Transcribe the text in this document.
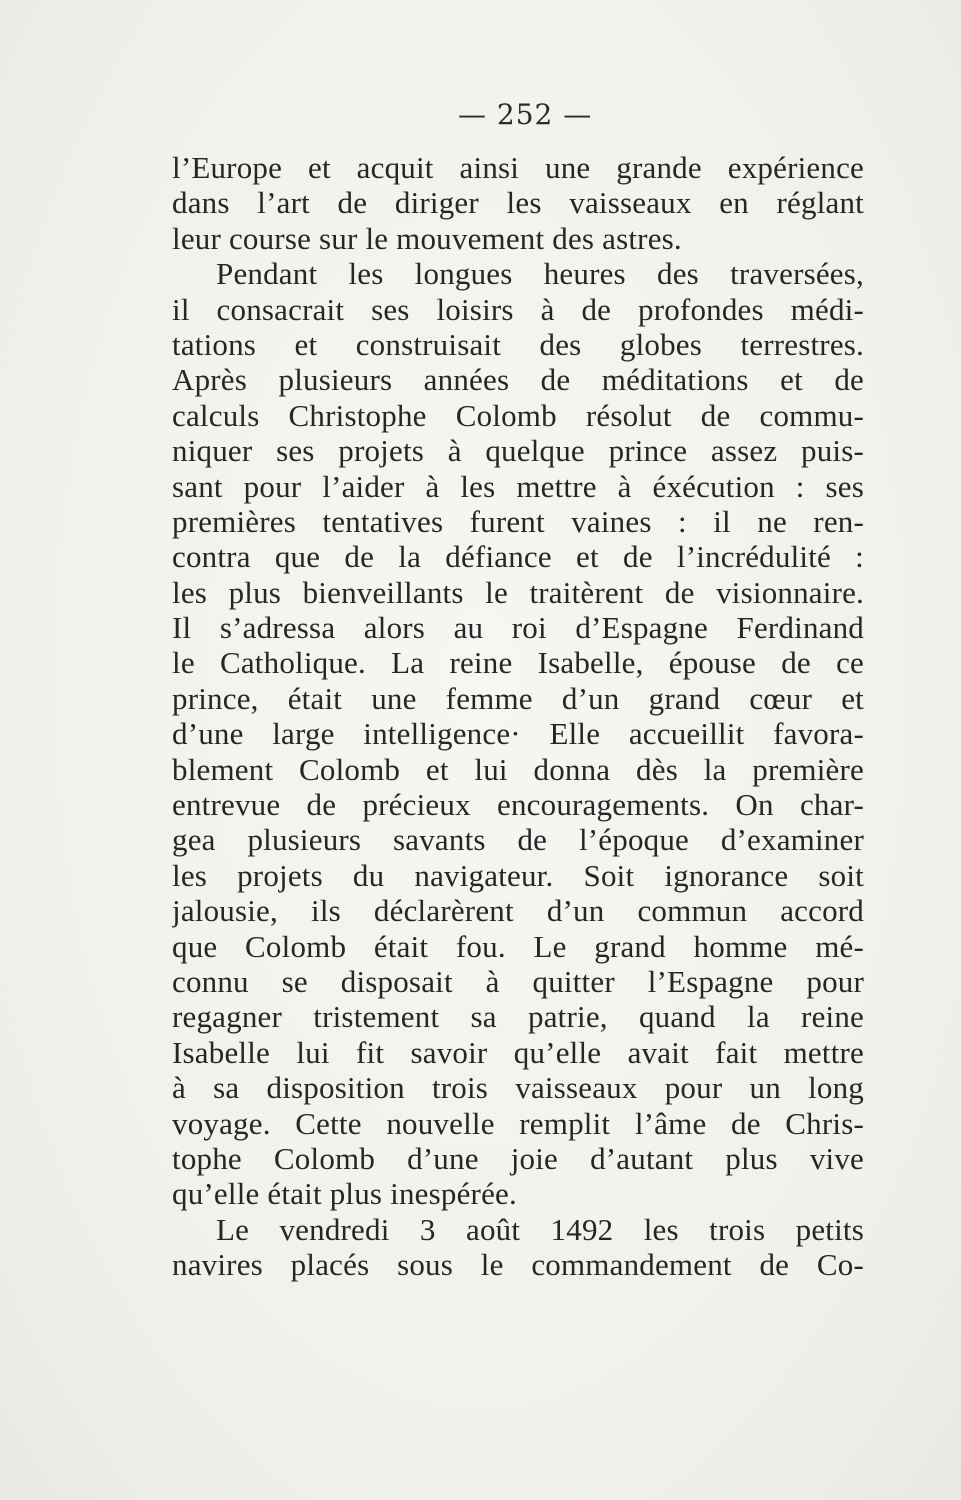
— 252 —
l’Europe et acquit ainsi une grande expérience
dans l’art de diriger les vaisseaux en réglant
leur course sur le mouvement des astres.
Pendant les longues heures des traversées,
il consacrait ses loisirs à de profondes médi-
tations et construisait des globes terrestres.
Après plusieurs années de méditations et de
calculs Christophe Colomb résolut de commu-
niquer ses projets à quelque prince assez puis-
sant pour l’aider à les mettre à éxécution : ses
premières tentatives furent vaines : il ne ren-
contra que de la défiance et de l’incrédulité :
les plus bienveillants le traitèrent de visionnaire.
Il s’adressa alors au roi d’Espagne Ferdinand
le Catholique. La reine Isabelle, épouse de ce
prince, était une femme d’un grand cœur et
d’une large intelligence· Elle accueillit favora-
blement Colomb et lui donna dès la première
entrevue de précieux encouragements. On char-
gea plusieurs savants de l’époque d’examiner
les projets du navigateur. Soit ignorance soit
jalousie, ils déclarèrent d’un commun accord
que Colomb était fou. Le grand homme mé-
connu se disposait à quitter l’Espagne pour
regagner tristement sa patrie, quand la reine
Isabelle lui fit savoir qu’elle avait fait mettre
à sa disposition trois vaisseaux pour un long
voyage. Cette nouvelle remplit l’âme de Chris-
tophe Colomb d’une joie d’autant plus vive
qu’elle était plus inespérée.
Le vendredi 3 août 1492 les trois petits
navires placés sous le commandement de Co-
